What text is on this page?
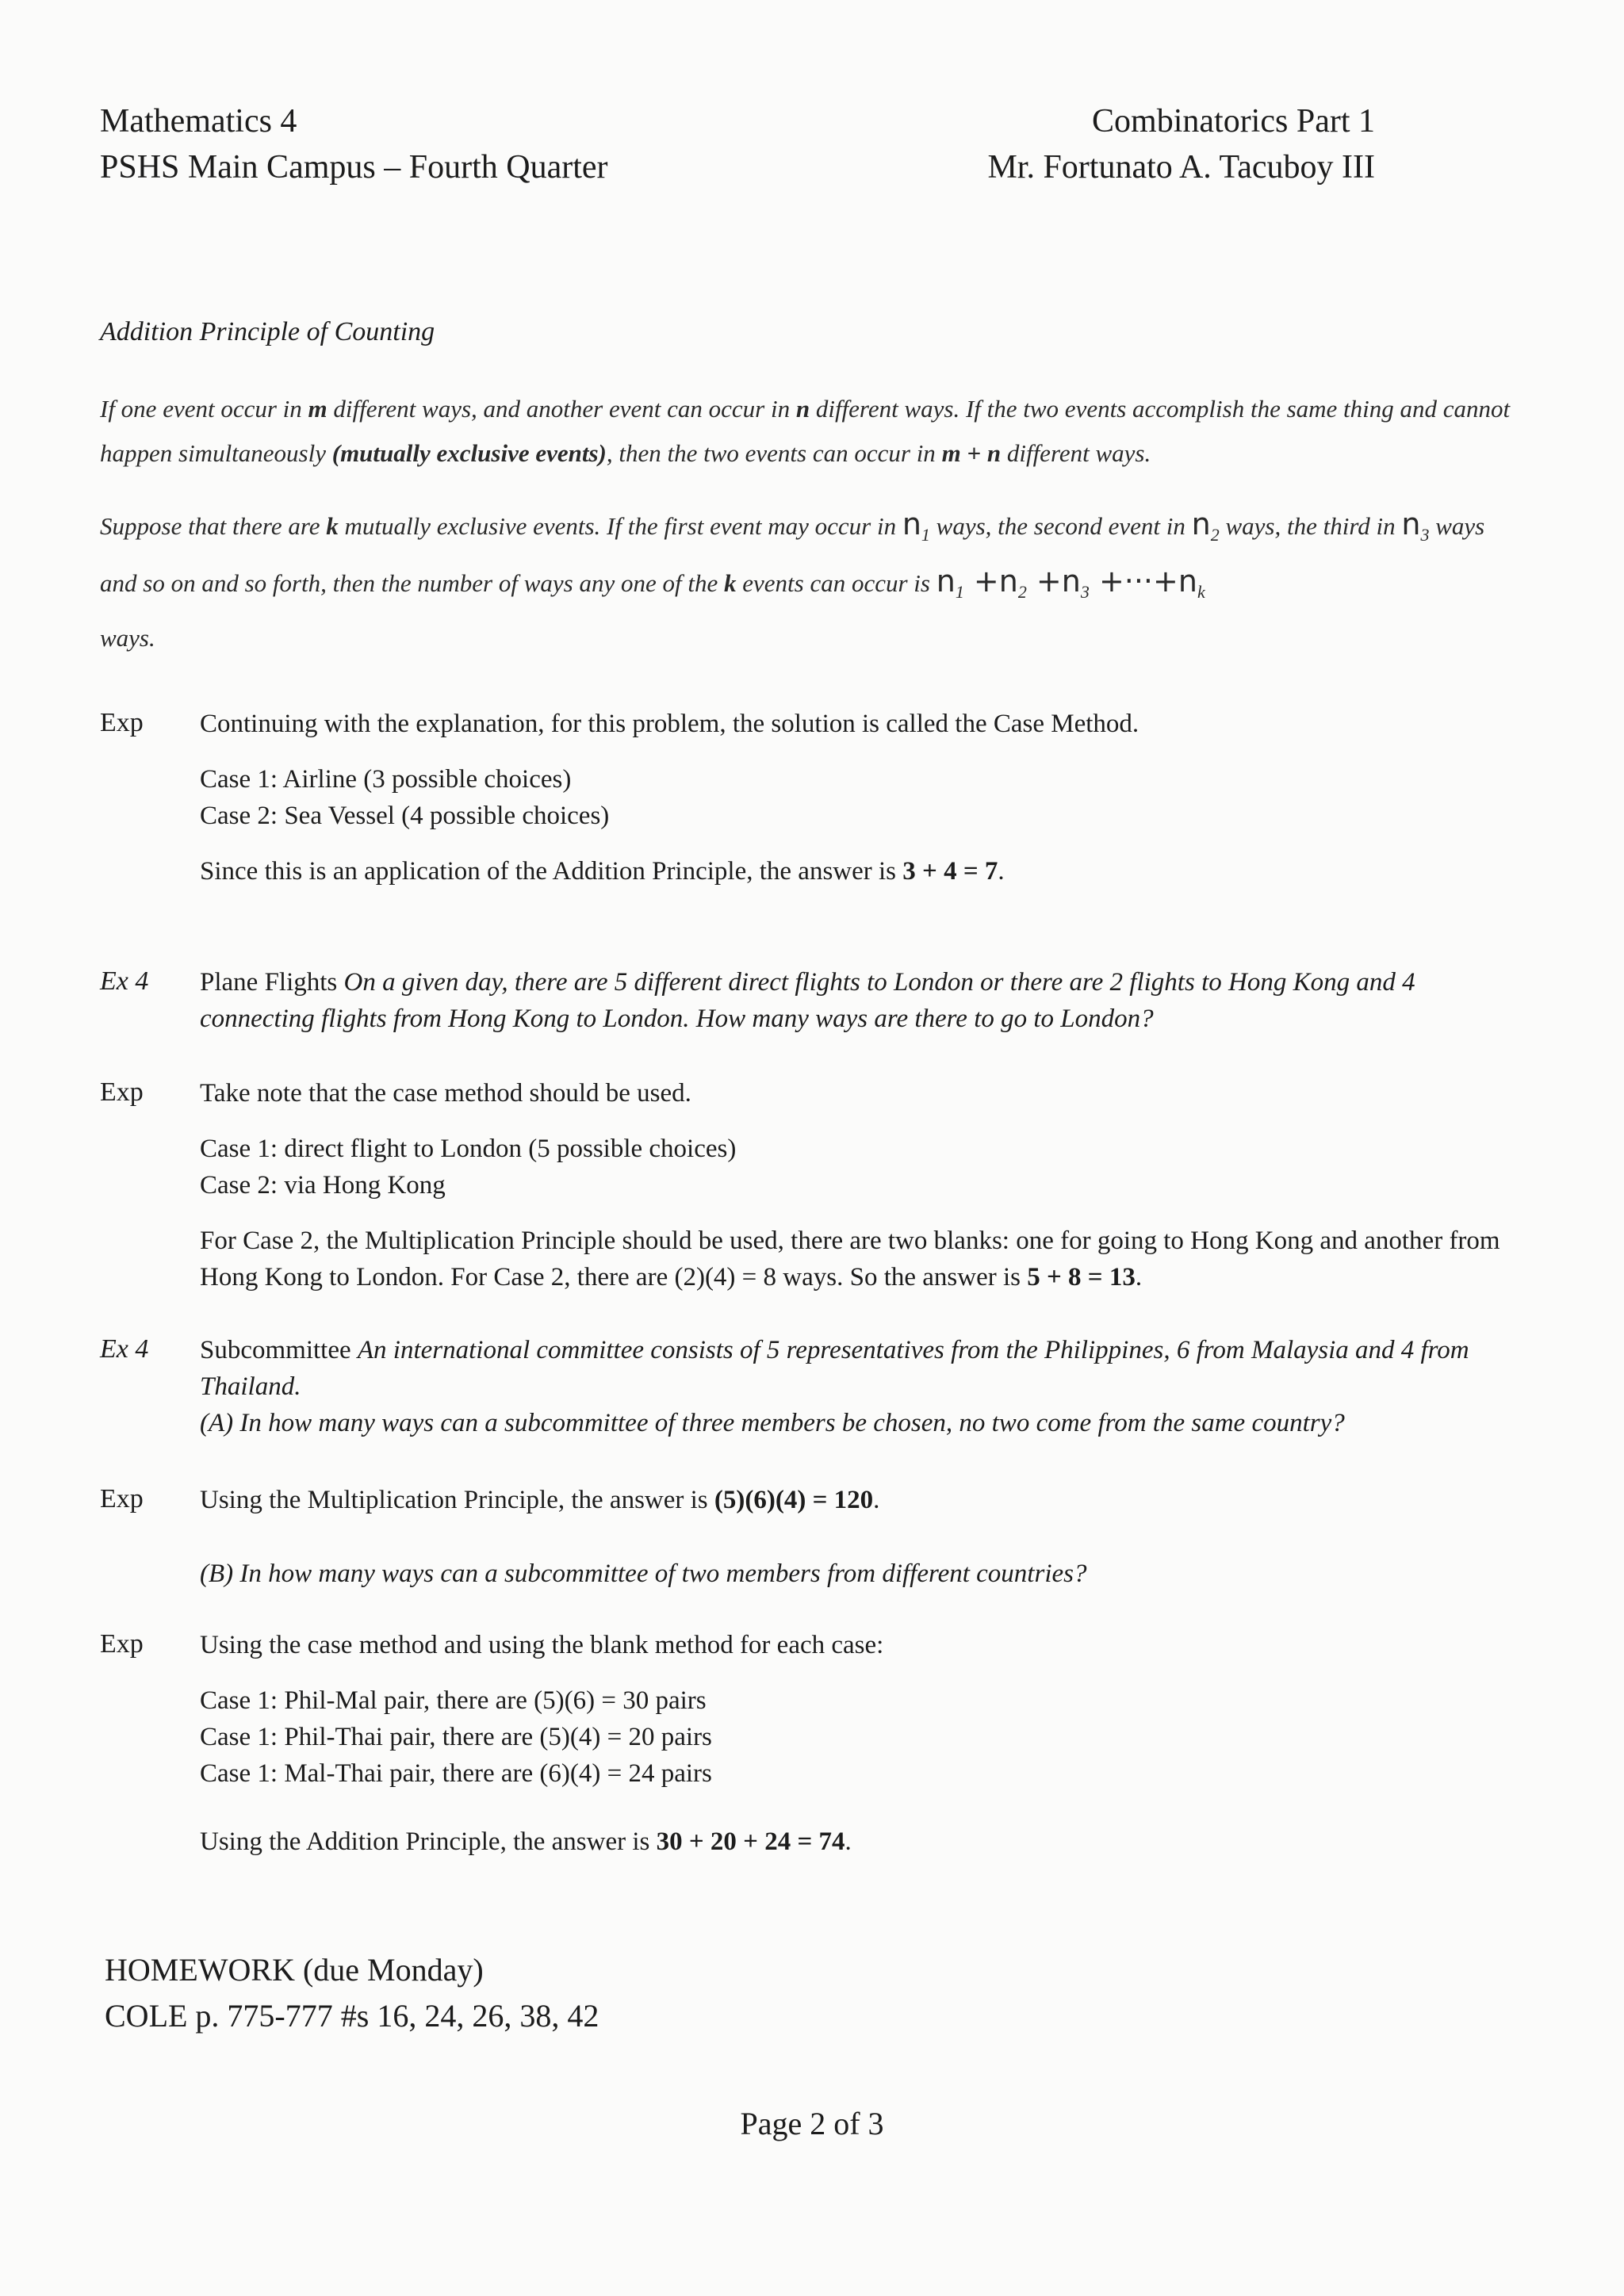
Mathematics 4
PSHS Main Campus – Fourth Quarter
Combinatorics Part 1
Mr. Fortunato A. Tacuboy III
Addition Principle of Counting
If one event occur in m different ways, and another event can occur in n different ways. If the two events accomplish the same thing and cannot happen simultaneously (mutually exclusive events), then the two events can occur in m + n different ways.
Suppose that there are k mutually exclusive events. If the first event may occur in $n_1$ ways, the second event in $n_2$ ways, the third in $n_3$ ways and so on and so forth, then the number of ways any one of the k events can occur is $n_1 +n_2 +n_3 +\cdot\cdot\cdot+n_k$
ways.
Exp	Continuing with the explanation, for this problem, the solution is called the Case Method.
Case 1: Airline (3 possible choices)
Case 2: Sea Vessel (4 possible choices)
Since this is an application of the Addition Principle, the answer is 3 + 4 = 7.
Ex 4	Plane Flights On a given day, there are 5 different direct flights to London or there are 2 flights to Hong Kong and 4 connecting flights from Hong Kong to London. How many ways are there to go to London?
Exp	Take note that the case method should be used.
Case 1: direct flight to London (5 possible choices)
Case 2: via Hong Kong
For Case 2, the Multiplication Principle should be used, there are two blanks: one for going to Hong Kong and another from Hong Kong to London. For Case 2, there are (2)(4) = 8 ways. So the answer is 5 + 8 = 13.
Ex 4	Subcommittee An international committee consists of 5 representatives from the Philippines, 6 from Malaysia and 4 from Thailand.
(A) In how many ways can a subcommittee of three members be chosen, no two come from the same country?
Exp	Using the Multiplication Principle, the answer is (5)(6)(4) = 120.
(B) In how many ways can a subcommittee of two members from different countries?
Exp	Using the case method and using the blank method for each case:
Case 1: Phil-Mal pair, there are (5)(6) = 30 pairs
Case 1: Phil-Thai pair, there are (5)(4) = 20 pairs
Case 1: Mal-Thai pair, there are (6)(4) = 24 pairs
Using the Addition Principle, the answer is 30 + 20 + 24 = 74.
HOMEWORK (due Monday)
COLE p. 775-777 #s 16, 24, 26, 38, 42
Page 2 of 3
